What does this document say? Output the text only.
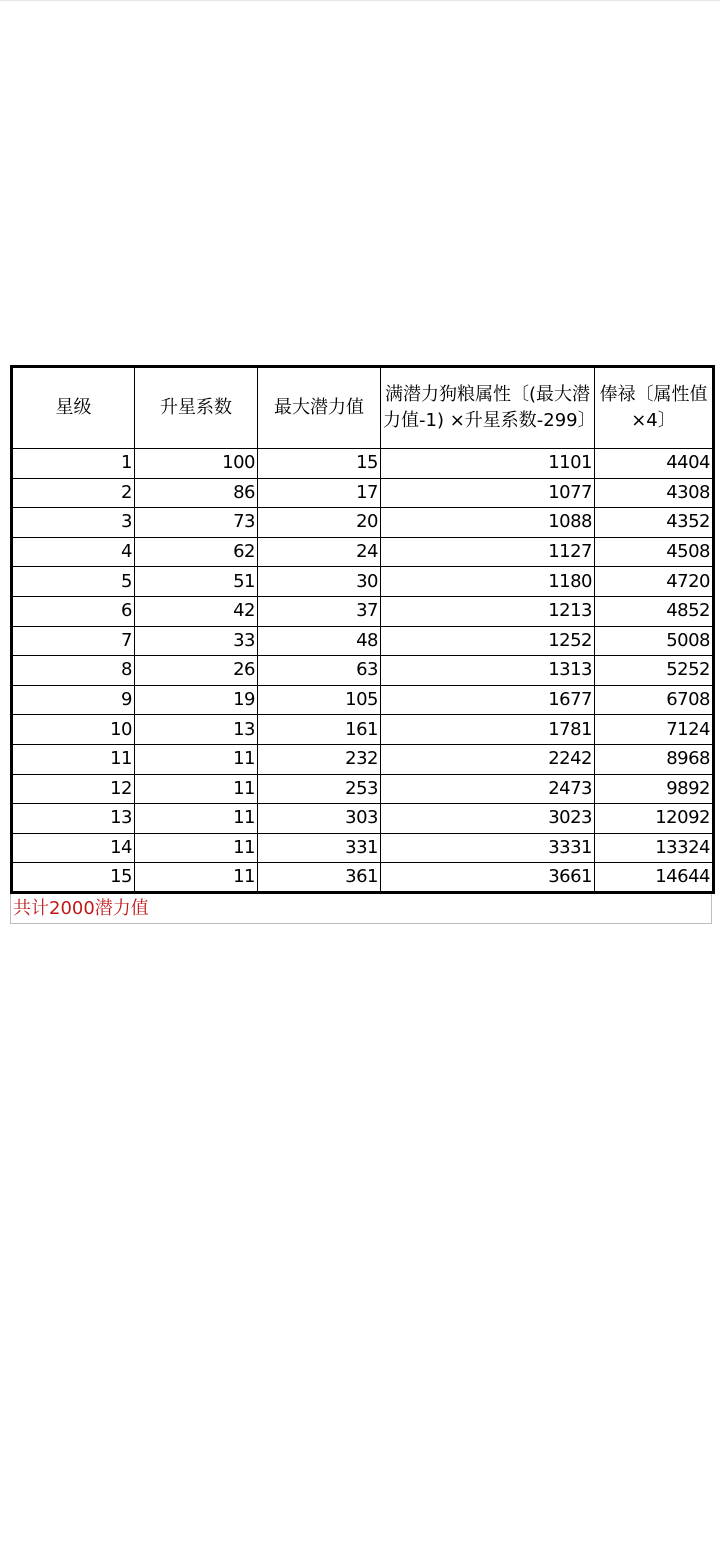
星级	升星系数	最大潜力值	满潜力狗粮属性〔(最大潜力值-1) ×升星系数-299〕	俸禄〔属性值×4〕
1	100	15	1101	4404
2	86	17	1077	4308
3	73	20	1088	4352
4	62	24	1127	4508
5	51	30	1180	4720
6	42	37	1213	4852
7	33	48	1252	5008
8	26	63	1313	5252
9	19	105	1677	6708
10	13	161	1781	7124
11	11	232	2242	8968
12	11	253	2473	9892
13	11	303	3023	12092
14	11	331	3331	13324
15	11	361	3661	14644
共计2000潜力值
